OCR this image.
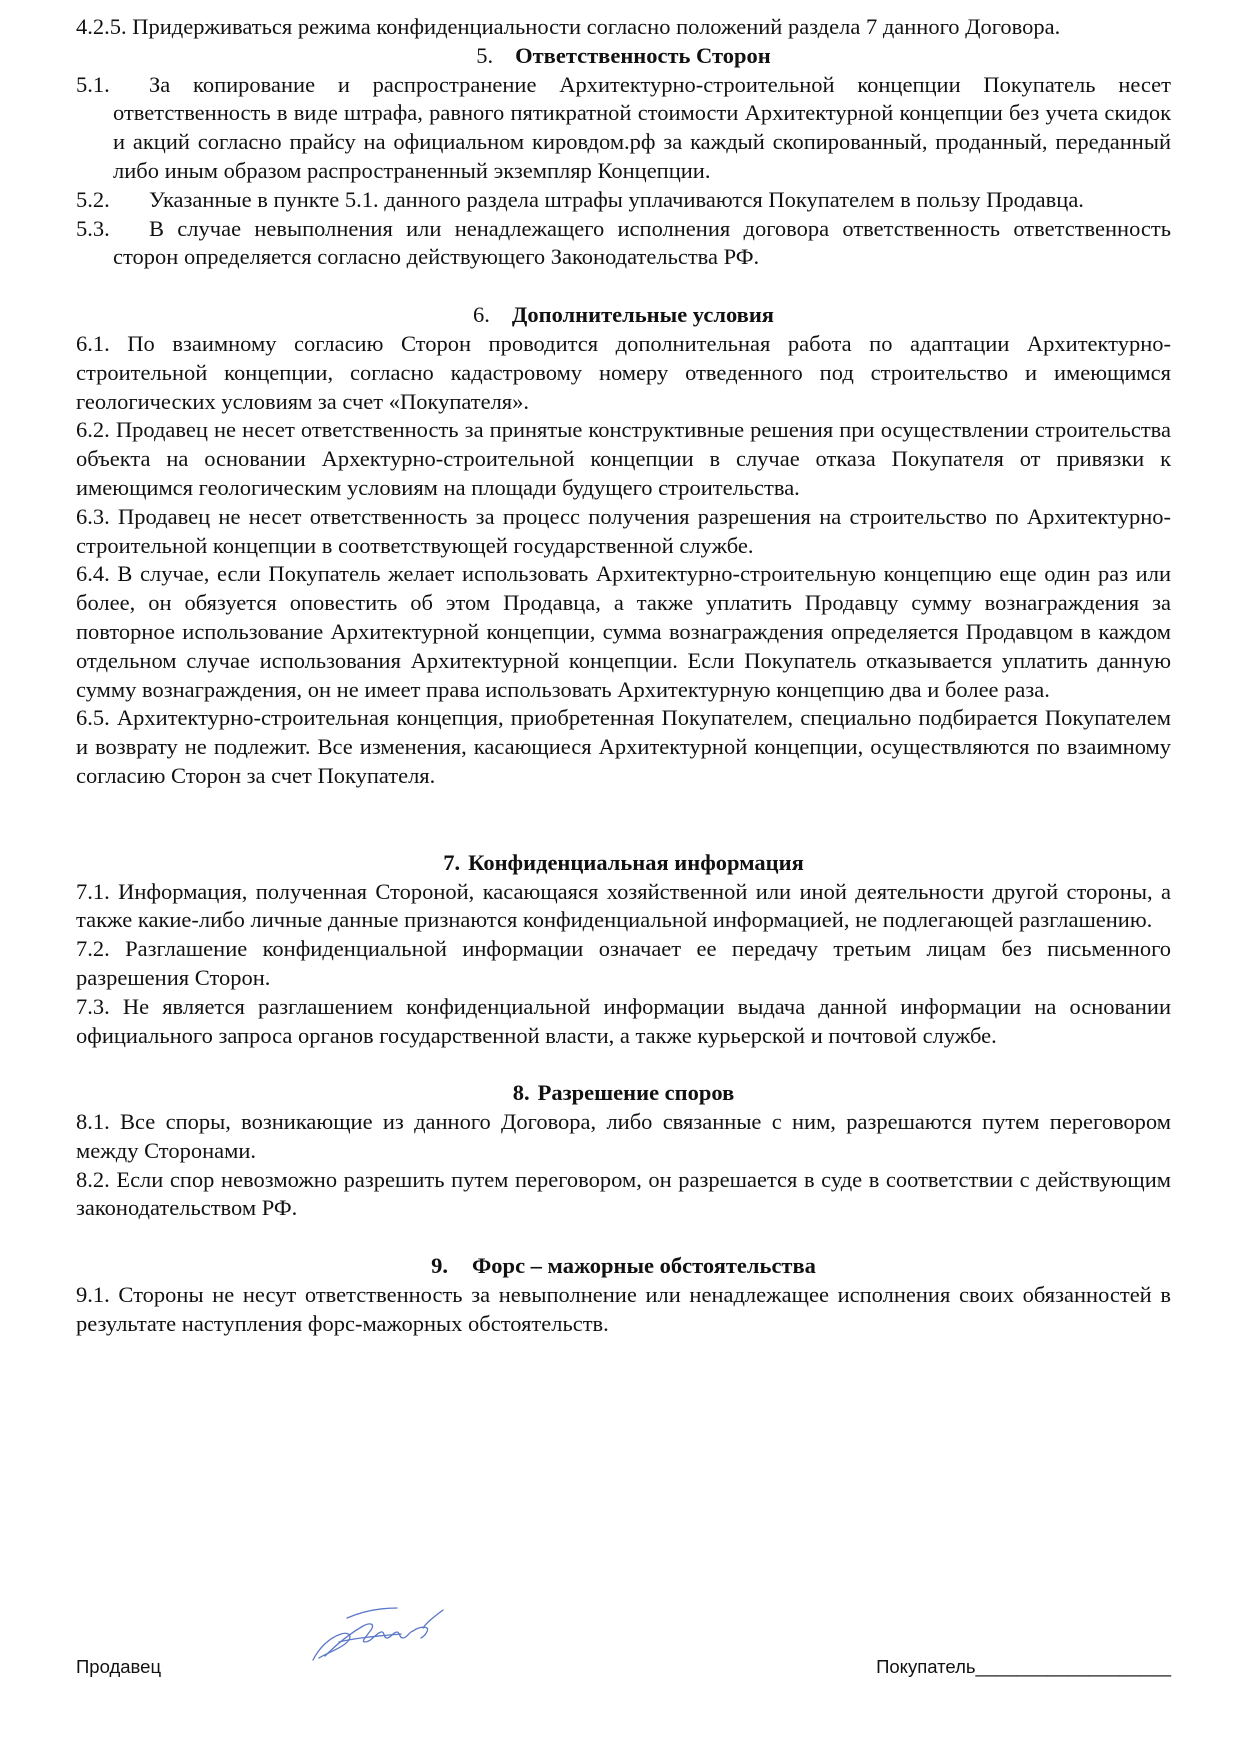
4.2.5. Придерживаться режима конфиденциальности согласно положений раздела 7 данного Договора.

5. Ответственность Сторон
5.1.	За копирование и распространение Архитектурно-строительной концепции Покупатель несет ответственность в виде штрафа, равного пятикратной стоимости Архитектурной концепции без учета скидок и акций согласно прайсу на официальном кировдом.рф за каждый скопированный, проданный, переданный либо иным образом распространенный экземпляр Концепции.

5.2.	Указанные в пункте 5.1. данного раздела штрафы уплачиваются Покупателем в пользу Продавца.

5.3.	В случае невыполнения или ненадлежащего исполнения договора ответственность ответственность сторон определяется согласно действующего Законодательства РФ.

6. Дополнительные условия

6.1. По взаимному согласию Сторон проводится дополнительная работа по адаптации Архитектурно-строительной концепции, согласно кадастровому номеру отведенного под строительство и имеющимся геологических условиям за счет «Покупателя».

6.2. Продавец не несет ответственность за принятые конструктивные решения при осуществлении строительства объекта на основании Архектурно-строительной концепции в случае отказа Покупателя от привязки к имеющимся геологическим условиям на площади будущего строительства.

6.3. Продавец не несет ответственность за процесс получения разрешения на строительство по Архитектурно-строительной концепции в соответствующей государственной службе.

6.4. В случае, если Покупатель желает использовать Архитектурно-строительную концепцию еще один раз или более, он обязуется оповестить об этом Продавца, а также уплатить Продавцу сумму вознаграждения за повторное использование Архитектурной концепции, сумма вознаграждения определяется Продавцом в каждом отдельном случае использования Архитектурной концепции. Если Покупатель отказывается уплатить данную сумму вознаграждения, он не имеет права использовать Архитектурную концепцию два и более раза.

6.5. Архитектурно-строительная концепция, приобретенная Покупателем, специально подбирается Покупателем и возврату не подлежит. Все изменения, касающиеся Архитектурной концепции, осуществляются по взаимному согласию Сторон за счет Покупателя.

7. Конфиденциальная информация

7.1. Информация, полученная Стороной, касающаяся хозяйственной или иной деятельности другой стороны, а также какие-либо личные данные признаются конфиденциальной информацией, не подлегающей разглашению.

7.2. Разглашение конфиденциальной информации означает ее передачу третьим лицам без письменного разрешения Сторон.

7.3. Не является разглашением конфиденциальной информации выдача данной информации на основании официального запроса органов государственной власти, а также курьерской и почтовой службе.

8. Разрешение споров

8.1. Все споры, возникающие из данного Договора, либо связанные с ним, разрешаются путем переговором между Сторонами.

8.2. Если спор невозможно разрешить путем переговором, он разрешается в суде в соответствии с действующим законодательством РФ.

9. Форс – мажорные обстоятельства

9.1. Стороны не несут ответственность за невыполнение или ненадлежащее исполнения своих обязанностей в результате наступления форс-мажорных обстоятельств.

Продавец	Покупатель___________________
